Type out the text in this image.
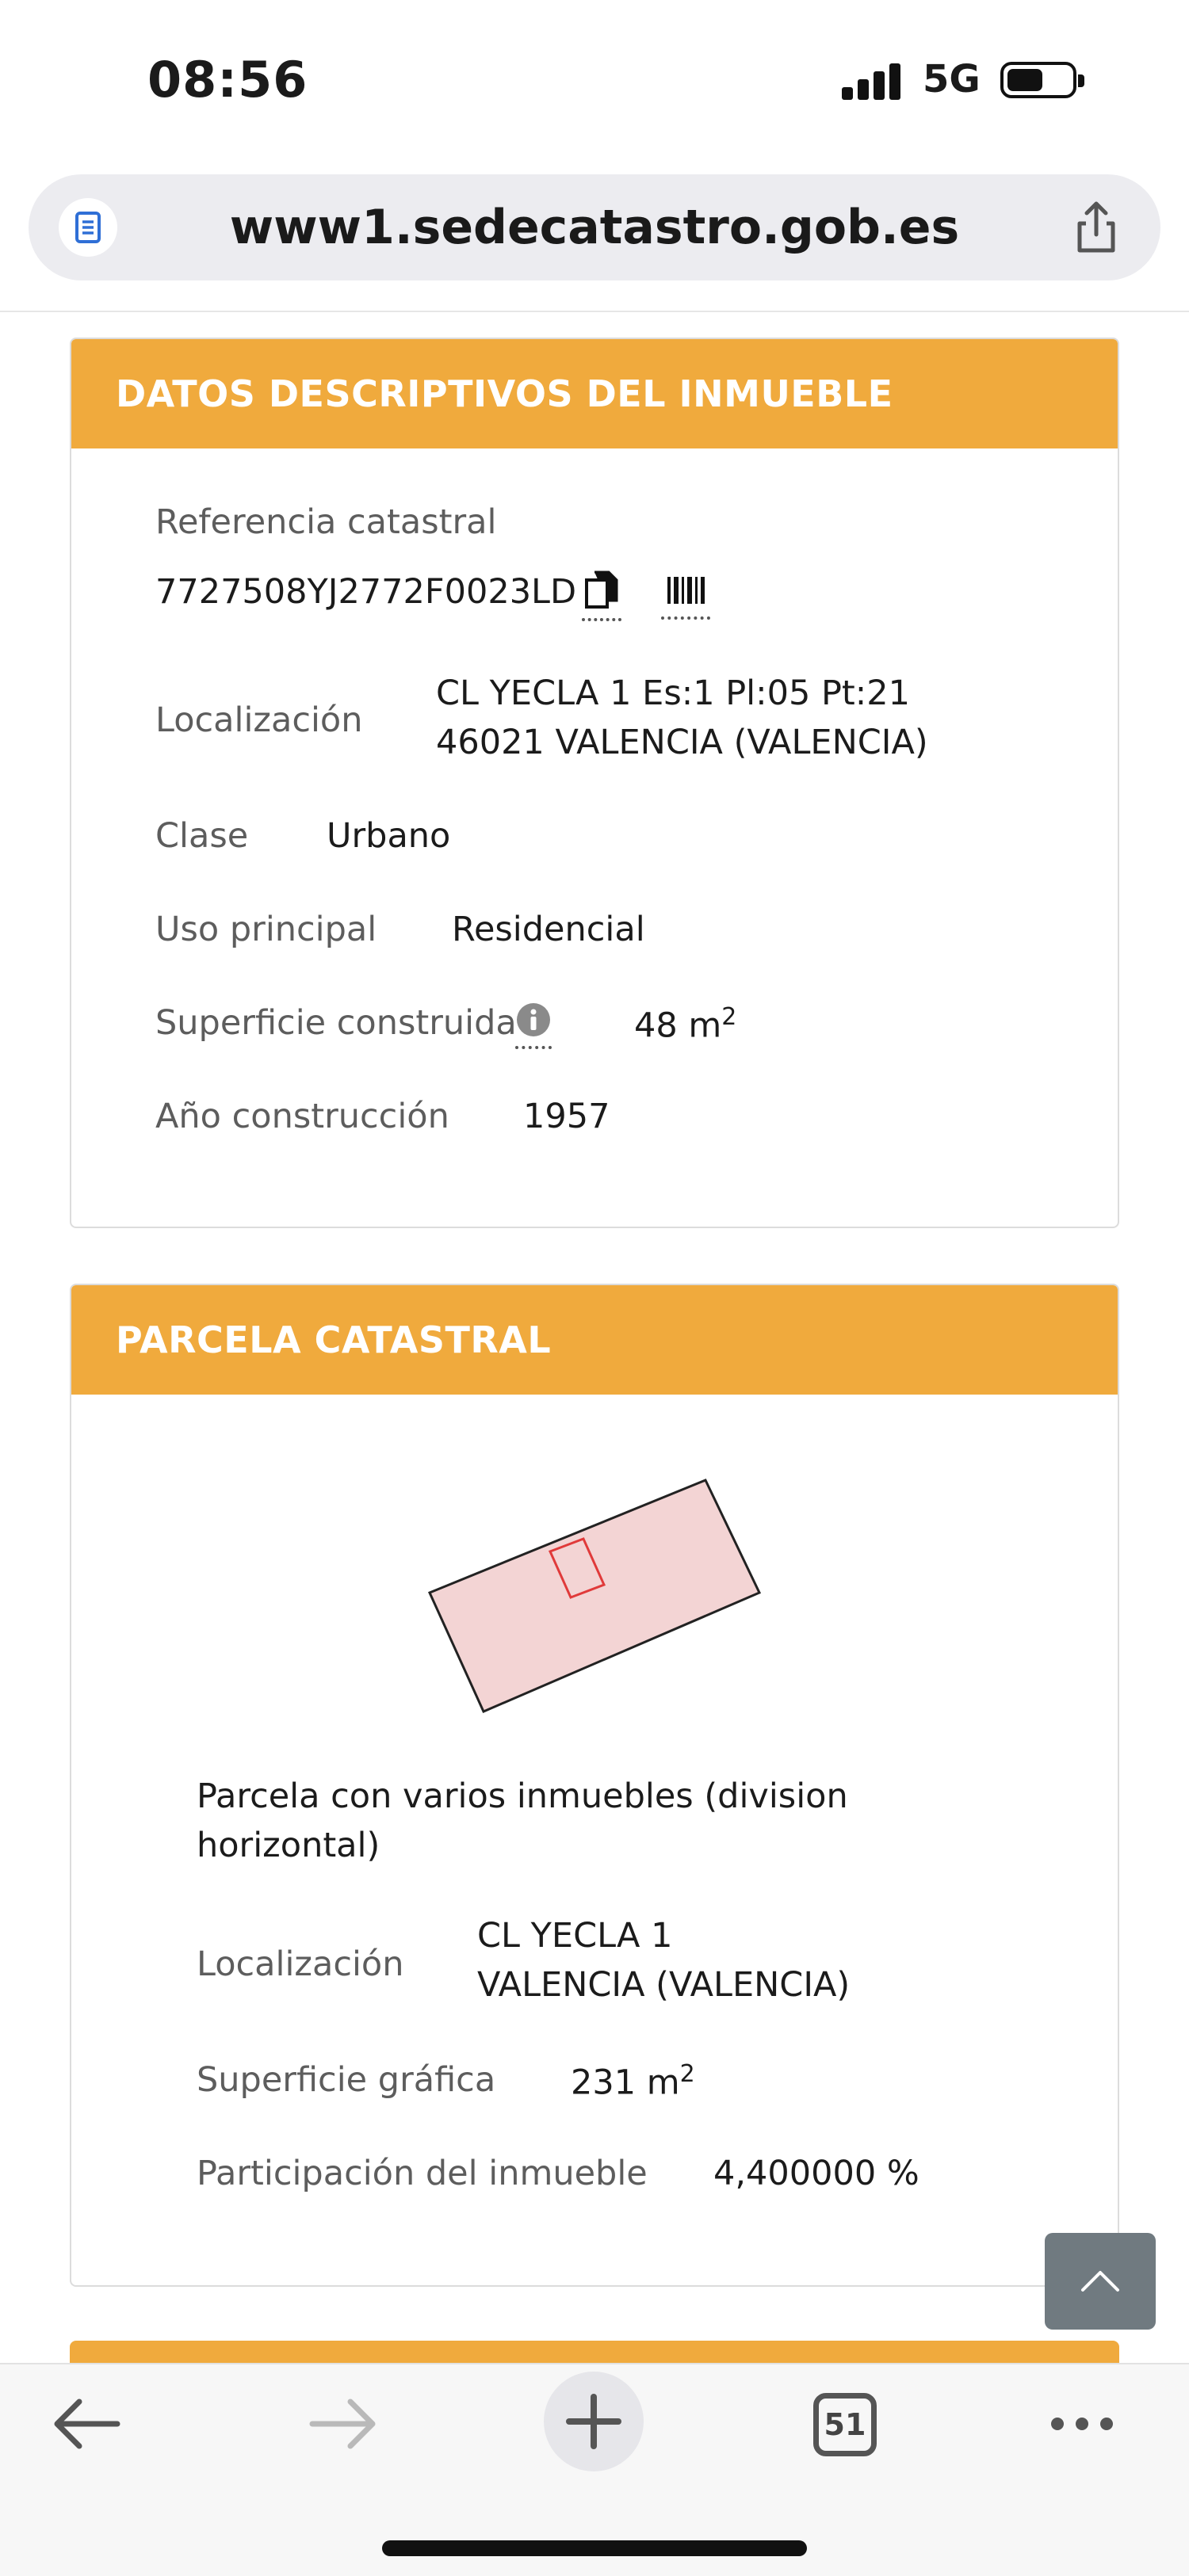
08:56	5G
www1.sedecatastro.gob.es
DATOS DESCRIPTIVOS DEL INMUEBLE
Referencia catastral
7727508YJ2772F0023LD
Localización
CL YECLA 1 Es:1 Pl:05 Pt:21
46021 VALENCIA (VALENCIA)
Clase Urbano
Uso principal Residencial
Superficie construida	48 $m^2$
Año construcción 1957
PARCELA CATASTRAL
Parcela con varios inmuebles (division
horizontal)
Localización
CL YECLA 1
VALENCIA (VALENCIA)
Superficie gráfica 231 $m^2$
Participación del inmueble 4,400000 %
51
